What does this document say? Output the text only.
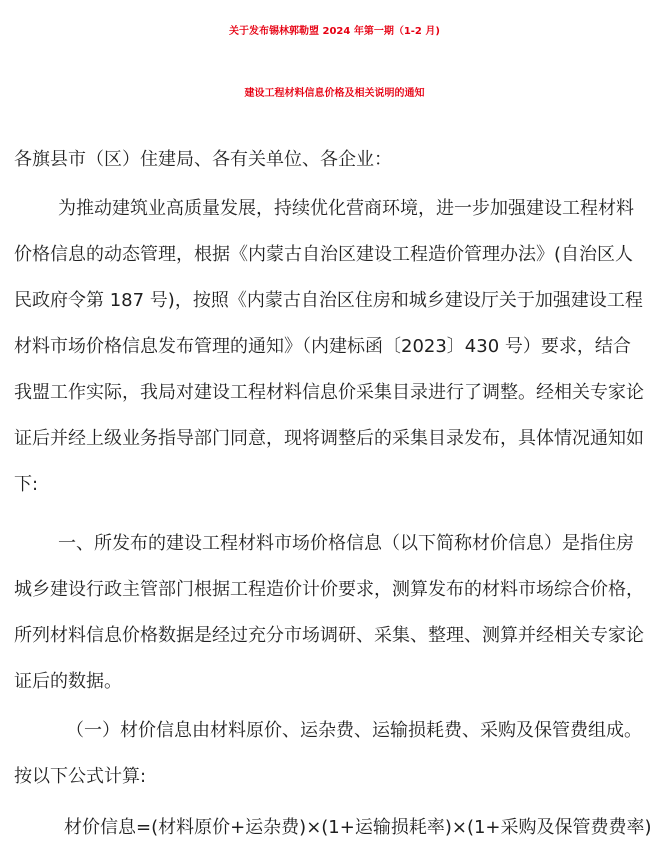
关于发布锡林郭勒盟 2024 年第一期（1-2 月)
建设工程材料信息价格及相关说明的通知
各旗县市（区）住建局、各有关单位、各企业：
为推动建筑业高质量发展，持续优化营商环境，进一步加强建设工程材料
价格信息的动态管理，根据《内蒙古自治区建设工程造价管理办法》(自治区人
民政府令第 187 号)，按照《内蒙古自治区住房和城乡建设厅关于加强建设工程
材料市场价格信息发布管理的通知》（内建标函〔2023〕430 号）要求，结合
我盟工作实际，我局对建设工程材料信息价采集目录进行了调整。经相关专家论
证后并经上级业务指导部门同意，现将调整后的采集目录发布，具体情况通知如
下:
一、所发布的建设工程材料市场价格信息（以下简称材价信息）是指住房
城乡建设行政主管部门根据工程造价计价要求，测算发布的材料市场综合价格，
所列材料信息价格数据是经过充分市场调研、采集、整理、测算并经相关专家论
证后的数据。
（一）材价信息由材料原价、运杂费、运输损耗费、采购及保管费组成。
按以下公式计算:
材价信息=(材料原价+运杂费)×(1+运输损耗率)×(1+采购及保管费费率)
